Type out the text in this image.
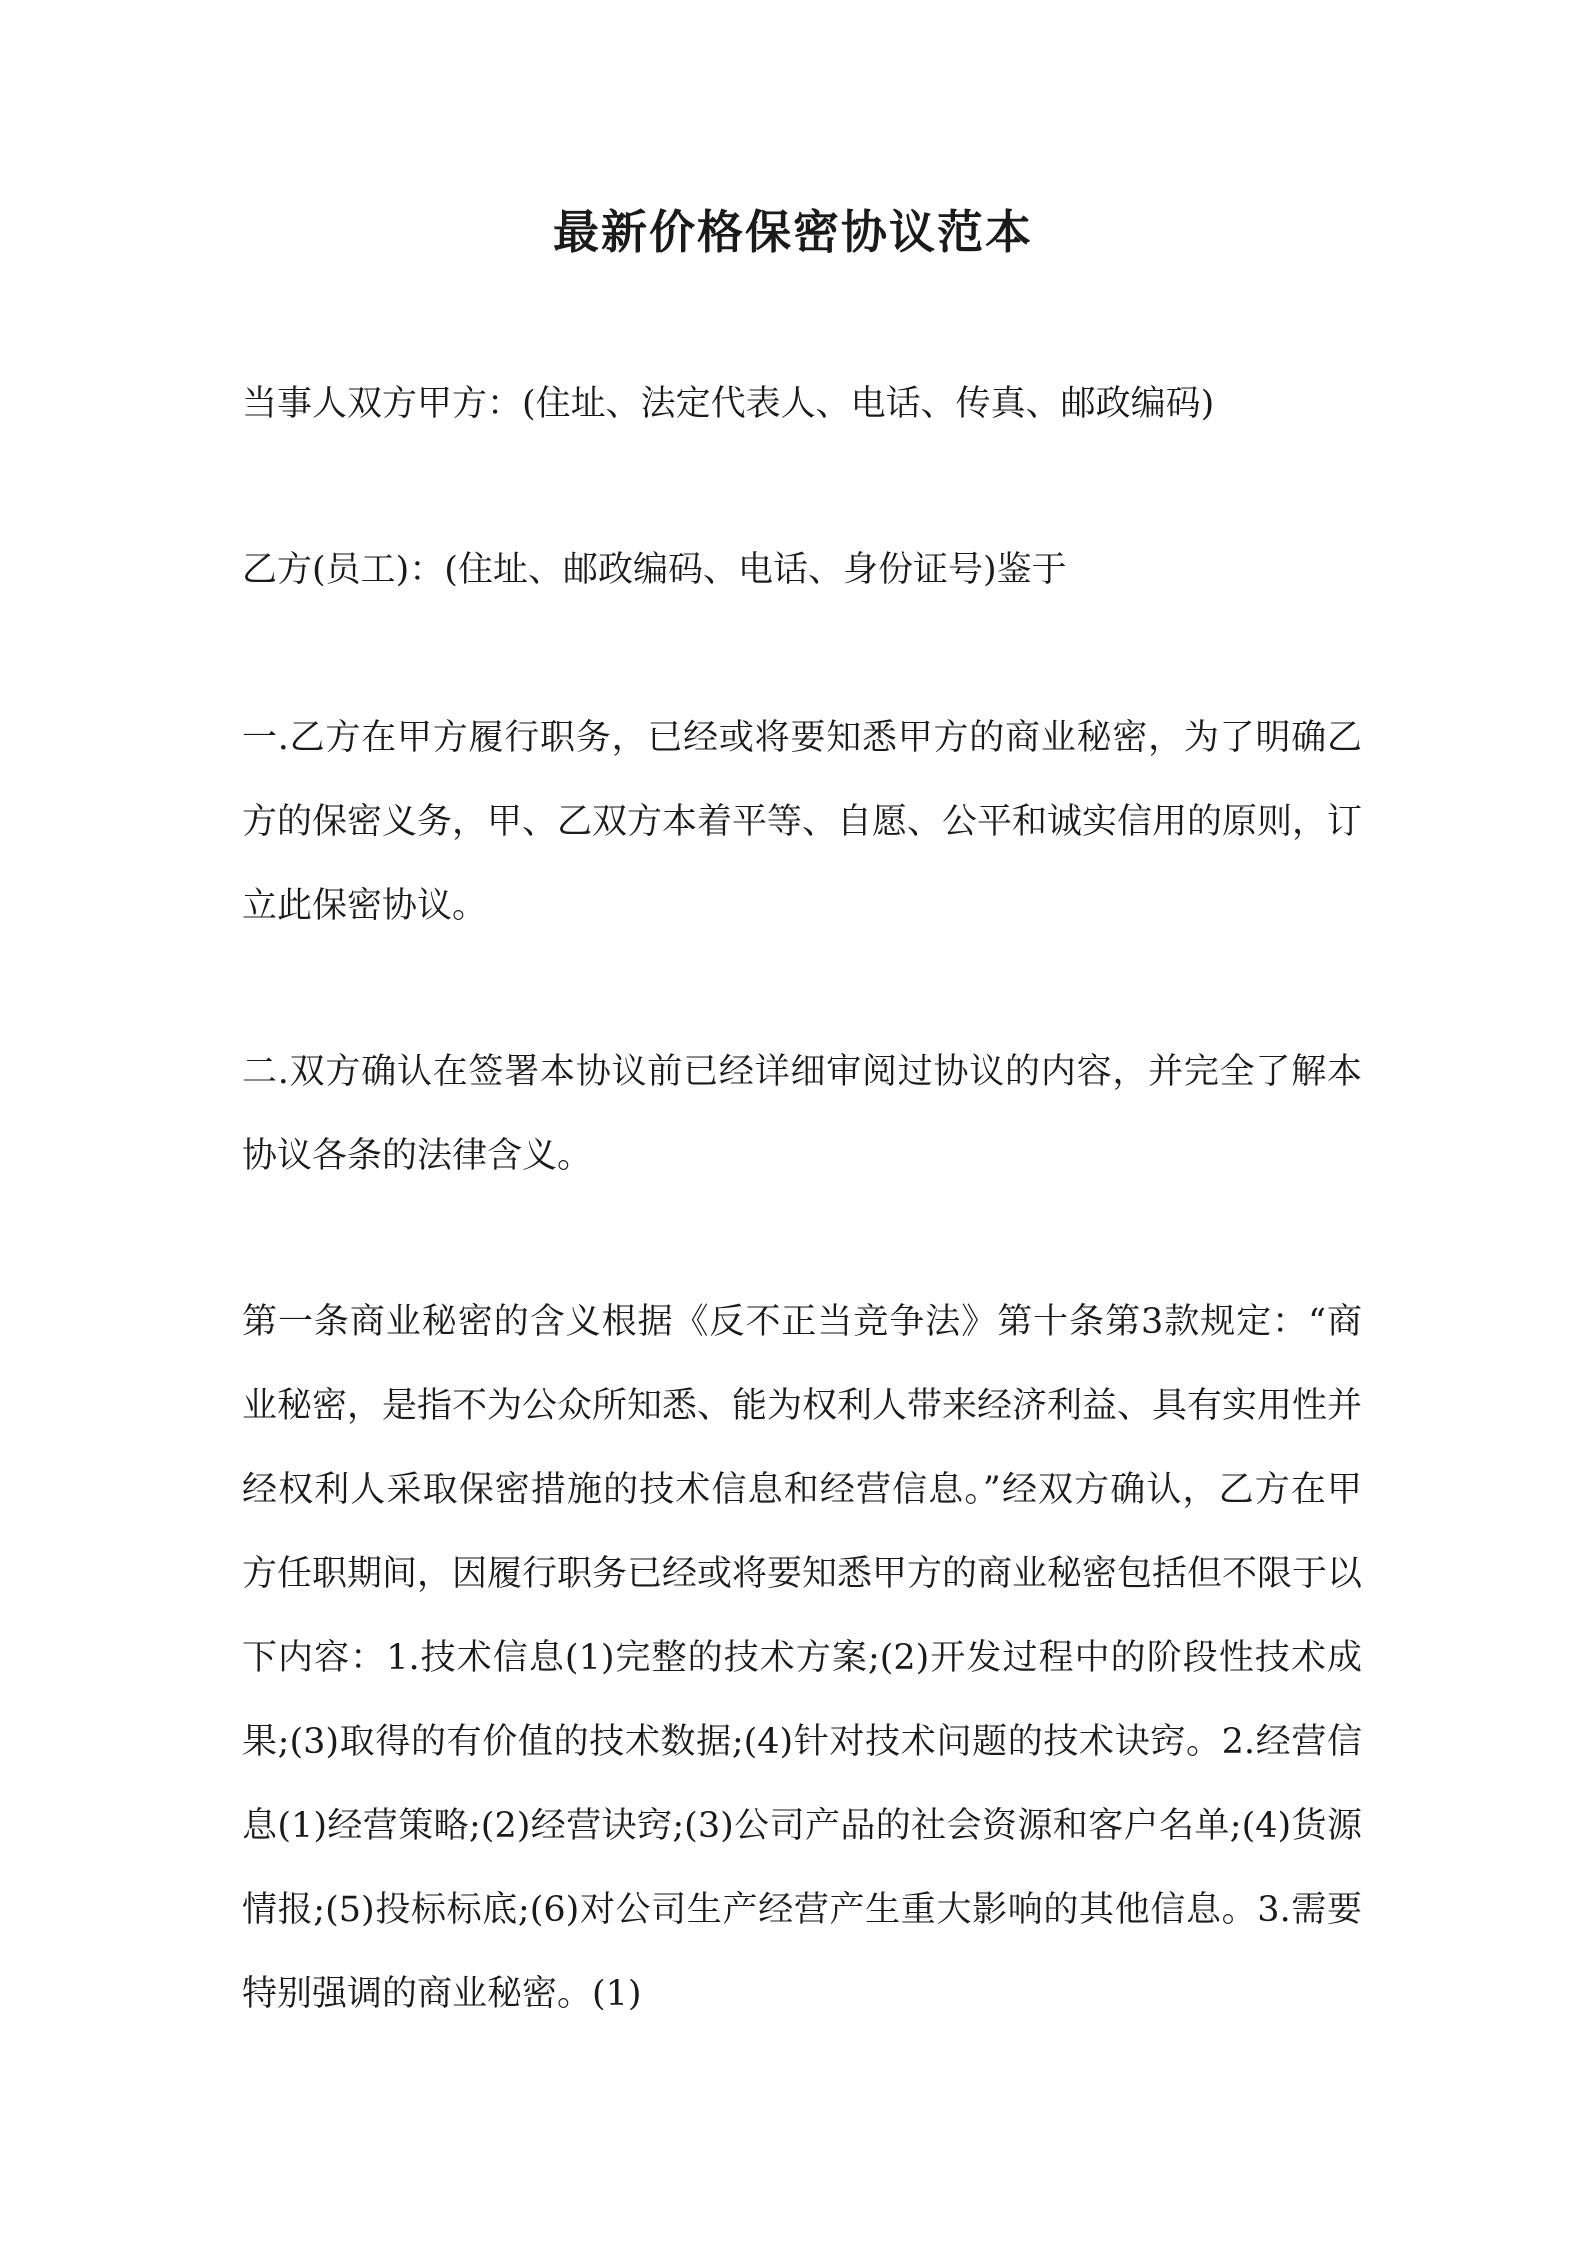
最新价格保密协议范本

当事人双方甲方：(住址、法定代表人、电话、传真、邮政编码)

乙方(员工)：(住址、邮政编码、电话、身份证号)鉴于

一.乙方在甲方履行职务，已经或将要知悉甲方的商业秘密，为了明确乙方的保密义务，甲、乙双方本着平等、自愿、公平和诚实信用的原则，订立此保密协议。

二.双方确认在签署本协议前已经详细审阅过协议的内容，并完全了解本协议各条的法律含义。

第一条商业秘密的含义根据《反不正当竞争法》第十条第3款规定：“商业秘密，是指不为公众所知悉、能为权利人带来经济利益、具有实用性并经权利人采取保密措施的技术信息和经营信息。”经双方确认，乙方在甲方任职期间，因履行职务已经或将要知悉甲方的商业秘密包括但不限于以下内容：1.技术信息(1)完整的技术方案;(2)开发过程中的阶段性技术成果;(3)取得的有价值的技术数据;(4)针对技术问题的技术诀窍。2.经营信息(1)经营策略;(2)经营诀窍;(3)公司产品的社会资源和客户名单;(4)货源情报;(5)投标标底;(6)对公司生产经营产生重大影响的其他信息。3.需要特别强调的商业秘密。(1)
